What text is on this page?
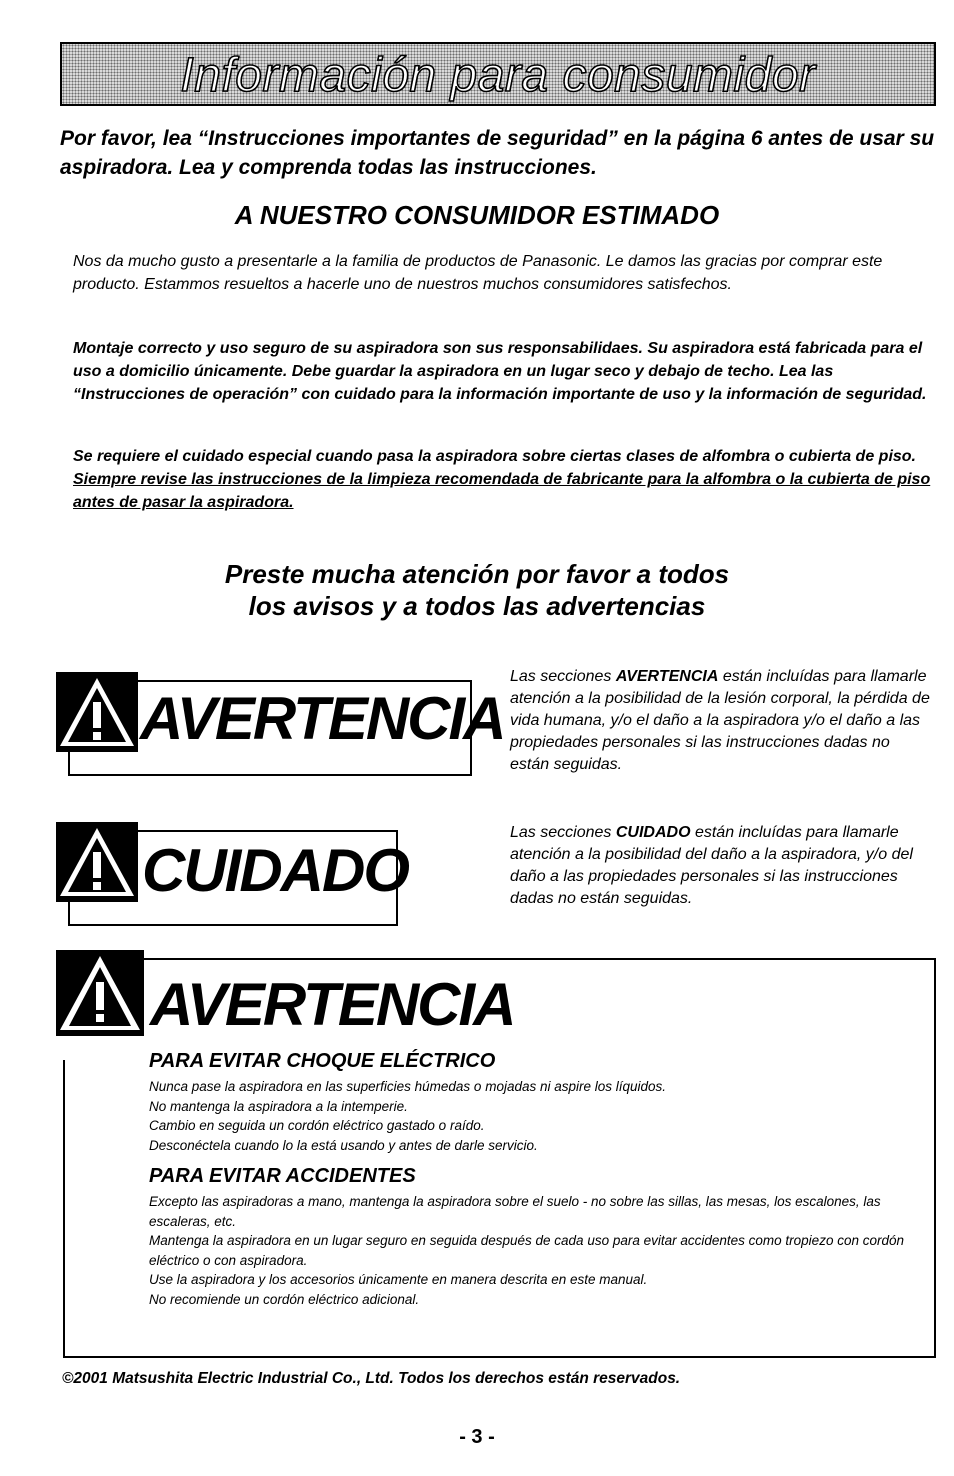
Información para consumidor
Por favor, lea “Instrucciones importantes de seguridad” en la página 6 antes de usar su aspiradora. Lea y comprenda todas las instrucciones.
A NUESTRO CONSUMIDOR ESTIMADO
Nos da mucho gusto a presentarle a la familia de productos de Panasonic. Le damos las gracias por comprar este producto. Estammos resueltos a hacerle uno de nuestros muchos consumidores satisfechos.
Montaje correcto y uso seguro de su aspiradora son sus responsabilidaes. Su aspiradora está fabricada para el uso a domicilio únicamente. Debe guardar la aspiradora en un lugar seco y debajo de techo. Lea las “Instrucciones de operación” con cuidado para la información importante de uso y la información de seguridad.
Se requiere el cuidado especial cuando pasa la aspiradora sobre ciertas clases de alfombra o cubierta de piso. Siempre revise las instrucciones de la limpieza recomendada de fabricante para la alfombra o la cubierta de piso antes de pasar la aspiradora.
Preste mucha atención por favor a todos
los avisos y a todos las advertencias
AVERTENCIA
Las secciones AVERTENCIA están incluídas para llamarle atención a la posibilidad de la lesión corporal, la pérdida de vida humana, y/o el daño a la aspiradora y/o el daño a las propiedades personales si las instrucciones dadas no están seguidas.
CUIDADO
Las secciones CUIDADO están incluídas para llamarle atención a la posibilidad del daño a la aspiradora, y/o del daño a las propiedades personales si las instrucciones dadas no están seguidas.
PARA EVITAR CHOQUE ELÉCTRICO
Nunca pase la aspiradora en las superficies húmedas o mojadas ni aspire los líquidos.
No mantenga la aspiradora a la intemperie.
Cambio en seguida un cordón eléctrico gastado o raído.
Desconéctela cuando lo la está usando y antes de darle servicio.
PARA EVITAR ACCIDENTES
Excepto las aspiradoras a mano, mantenga la aspiradora sobre el suelo - no sobre las sillas, las mesas, los escalones, las escaleras, etc.
Mantenga la aspiradora en un lugar seguro en seguida después de cada uso para evitar accidentes como tropiezo con cordón eléctrico o con aspiradora.
Use la aspiradora y los accesorios únicamente en manera descrita en este manual.
No recomiende un cordón eléctrico adicional.
AVERTENCIA
©2001 Matsushita Electric Industrial Co., Ltd. Todos los derechos están reservados.
- 3 -
